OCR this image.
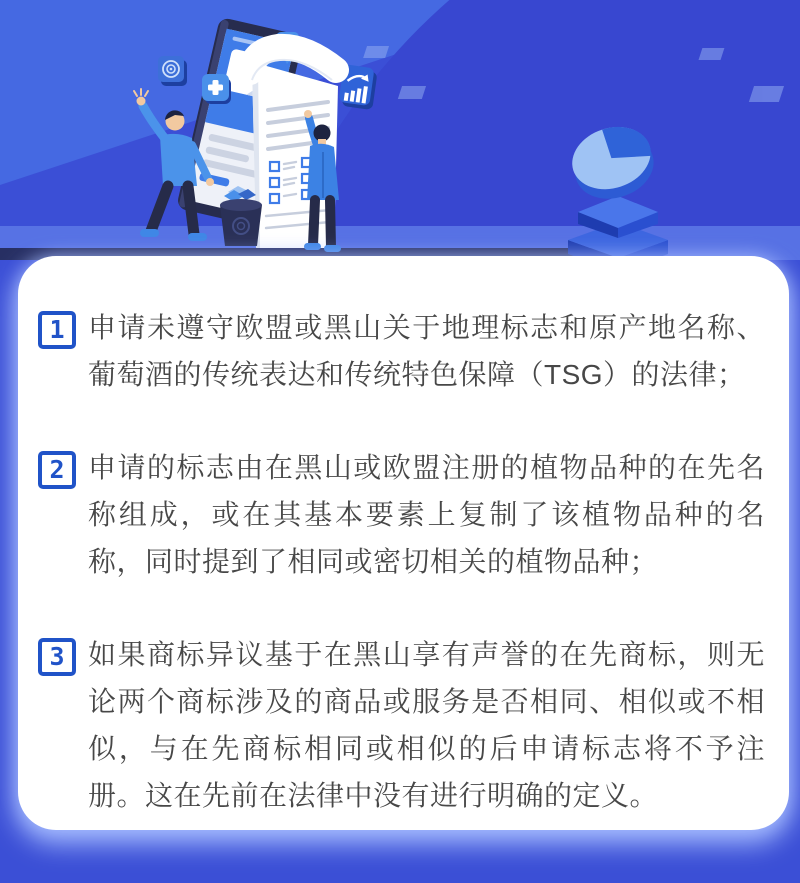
1 申请未遵守欧盟或黑山关于地理标志和原产地名称、葡萄酒的传统表达和传统特色保障（TSG）的法律；

2 申请的标志由在黑山或欧盟注册的植物品种的在先名称组成，或在其基本要素上复制了该植物品种的名称，同时提到了相同或密切相关的植物品种；

3 如果商标异议基于在黑山享有声誉的在先商标，则无论两个商标涉及的商品或服务是否相同、相似或不相似，与在先商标相同或相似的后申请标志将不予注册。这在先前在法律中没有进行明确的定义。
